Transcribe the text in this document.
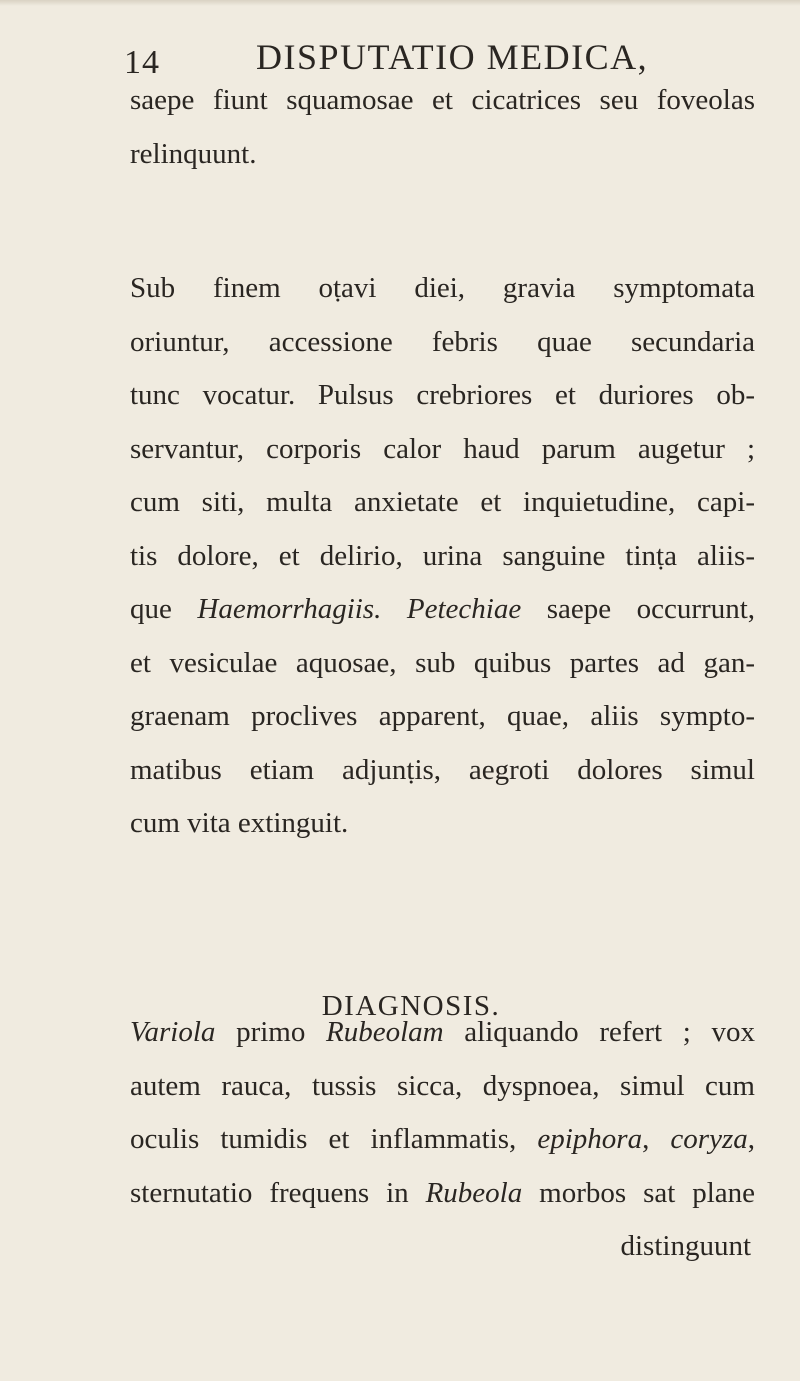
14	DISPUTATIO MEDICA,
saepe fiunt squamosae et cicatrices seu foveolas
relinquunt.
Sub finem oṭavi diei, gravia symptomata
oriuntur, accessione febris quae secundaria
tunc vocatur. Pulsus crebriores et duriores ob-
servantur, corporis calor haud parum augetur ;
cum siti, multa anxietate et inquietudine, capi-
tis dolore, et delirio, urina sanguine tinṭa aliis-
que Haemorrhagiis. Petechiae saepe occurrunt,
et vesiculae aquosae, sub quibus partes ad gan-
graenam proclives apparent, quae, aliis sympto-
matibus etiam adjunṭis, aegroti dolores simul
cum vita extinguit.
DIAGNOSIS.
Variola primo Rubeolam aliquando refert ; vox
autem rauca, tussis sicca, dyspnoea, simul cum
oculis tumidis et inflammatis, epiphora, coryza,
sternutatio frequens in Rubeola morbos sat plane
distinguunt
